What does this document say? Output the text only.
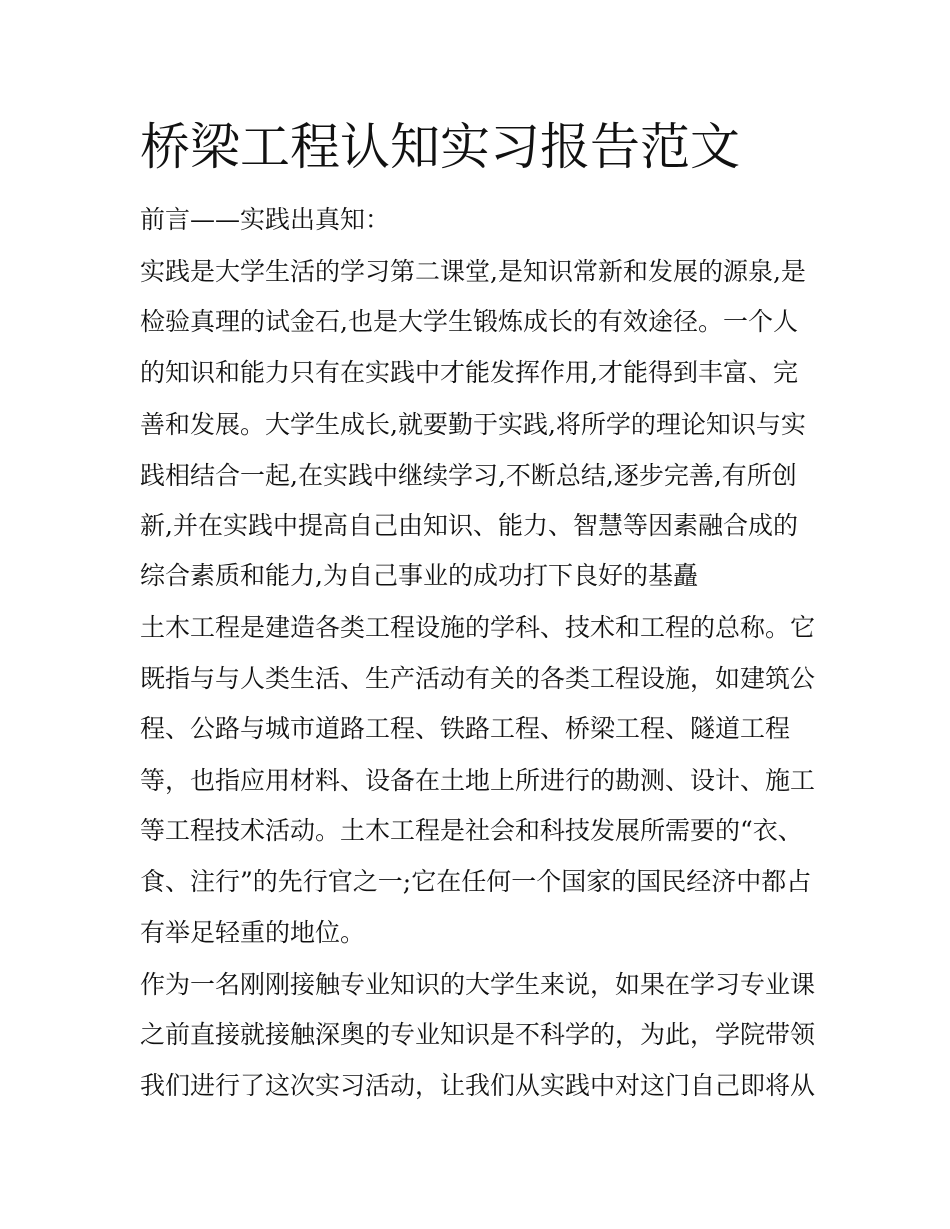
桥梁工程认知实习报告范文

前言——实践出真知：

实践是大学生活的学习第二课堂,是知识常新和发展的源泉,是

检验真理的试金石,也是大学生锻炼成长的有效途径。一个人

的知识和能力只有在实践中才能发挥作用,才能得到丰富、完

善和发展。大学生成长,就要勤于实践,将所学的理论知识与实

践相结合一起,在实践中继续学习,不断总结,逐步完善,有所创

新,并在实践中提高自己由知识、能力、智慧等因素融合成的

综合素质和能力,为自己事业的成功打下良好的基矗

土木工程是建造各类工程设施的学科、技术和工程的总称。它

既指与与人类生活、生产活动有关的各类工程设施，如建筑公

程、公路与城市道路工程、铁路工程、桥梁工程、隧道工程

等，也指应用材料、设备在土地上所进行的勘测、设计、施工

等工程技术活动。土木工程是社会和科技发展所需要的“衣、

食、注行”的先行官之一;它在任何一个国家的国民经济中都占

有举足轻重的地位。

作为一名刚刚接触专业知识的大学生来说，如果在学习专业课

之前直接就接触深奥的专业知识是不科学的，为此，学院带领

我们进行了这次实习活动，让我们从实践中对这门自己即将从
